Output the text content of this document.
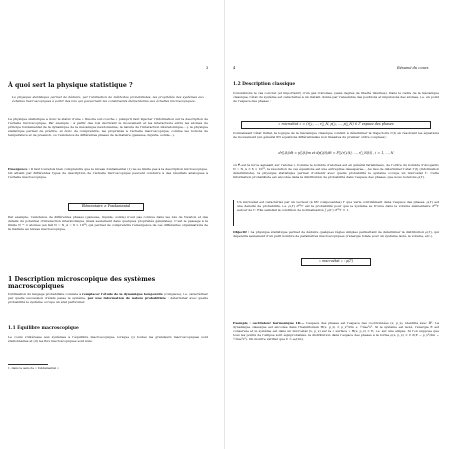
3
À quoi sert la physique statistique ?
La physique statistique permet de déduire, par l’utilisation de méthodes probabilistes, les propriétés des systèmes aux échelles macroscopiques à partir des lois qui gouvernent les constituants élémentaires aux échelles microscopiques.
La physique statistique a donc le statut d’une « théorie sur-couche » puisqu’il faut injecter l’information sur la description de l’échelle microscopique. Par exemple : à partir des lois décrivant le mouvement et les interactions entre les atomes (le principe fondamental de la dynamique de la mécanique newtonienne, la nature de l’interaction interatomique,...), la physique statistique permet de prédire, et donc de comprendre, les propriétés à l’échelle macroscopique, comme les notions de température et de pression, ou l’existence de différentes phases de la matière (gazeuse, liquide, solide...).
Emergence : Il faut toutefois bien comprendre que le niveau fondamental (1) ne se limite pas à la description microscopique. On atteint par différentes types de description de l’échelle microscopique peuvent conduire à des résultats analogues à l’échelle macroscopique.
Élémentaire ≠ Fondamental
Par exemple, l’existence de différentes phases (gazeuse, liquide, solide) n’est pas connue dans les lois de Newton et des détails du potentiel d’interaction interatomique (mais seulement dans quelques propriétés générales). C’est le passage à la limite N → ∞ atomes (en fait N ∼ N_A ∼ 6 × 10²³) qui permet de comprendre l’émergence de ces différentes organisations de la matière au niveau macroscopique.
1 Description microscopique des systèmes macroscopiques
L’utilisation du langage probabiliste consiste à remplacer l’étude de la dynamique temporelle (complexe), i.e. caractériser par quelle succession d’états passe le système, par une information de nature probabiliste : déterminer avec quelle probabilité le système occupe un état particulier.
1.1 Équilibre macroscopique
Le cours s’intéresse aux systèmes à l’équilibre macroscopique, lorsque (i) toutes les grandeurs macroscopiques sont stationnaires et (ii) les flux macroscopiques sont nuls.
1. dans le sens de « fondamental »
4	Résumé du cours
1.2 Description classique
Considérons le cas concret (et important!) d’un gaz d’atomes, (sans degrés de liberté internes). Dans le cadre de la mécanique classique, l’état du système est caractérisé à un instant donné par l’ensemble des positions et impulsions des atomes, i.e. un point de l’espace des phases :
« microétat » = (r⃗₁, ..., r⃗_N, p⃗₁, ..., p⃗_N) ∈ Γ espace des phases
Connaissant l’état initial, la logique de la mécanique classique conduit à déterminer la trajectoire Γ(t) en résolvant les équations de mouvement (un général 6N équations différentielles non linéaires du premier ordre couplées) :
dr⃗ᵢ(t)/dt = p⃗ᵢ(t)/m et dp⃗ᵢ(t)/dt = F⃗ᵢ(r⃗₁(t), ..., r⃗_N(t)) , i = 1, ..., N
où F⃗ᵢ est la force agissant sur l’atome i. Comme le nombre d’atomes est en général faramineux, de l’ordre du nombre d’Avogadro N ∼ N_A ≃ 6 × 10²³, la résolution de ces équations est une entreprise désespérée... Au lieu de déterminer l’état Γ(t) (information déterministe), la physique statistique permet d’obtenir avec quelle probabilité le système occupe un microétat Γ. Cette information probabiliste est encodée dans la distribution de probabilité dans l’espace des phases, que nous noterons ρ(Γ).
Un microétat est caractérisé par un vecteur (à 6N composantes) Γ que varie continûment dans l’espace des phases. ρ(Γ) est une densité de probabilité, i.e. ρ(Γ) d⁶ᴺΓ est la probabilité pour que le système se trouve dans le volume élémentaire d⁶ᴺΓ autour de Γ. Elle satisfait la condition de normalisation ∫ ρ(Γ) d⁶ᴺΓ = 1.
Objectif : La physique statistique permet de déduire quelques règles simples permettant de déterminer la distribution ρ(Γ), qui dépendra seulement d’un petit nombre de paramètres macroscopiques (l’énergie totale pour un système isolé, le volume, etc.).
« macroétat » : ρ(Γ)
Exemple : oscillateur harmonique 1D.— L’espace des phases est l’espace des coordonnées (x, p_x), identifié avec ℝ². La dynamique classique est encodée dans l’hamiltonien H(x, p_x) = p_x²/2m + ½mω²x². Si le système est isolé, l’énergie E est conservée et le système est dans un microétat (x, p_x) sur la « surface » H(x, p_x) = E, i.e. sur une ellipse. Si l’on suppose que tous les points de l’ellipse sont équiprobables, la distribution dans l’espace des phases a la forme ρ(x, p_x) = C δ(E − p_x²/2m − ½mω²x²). On montre vérifier que C = ω/(2π).
